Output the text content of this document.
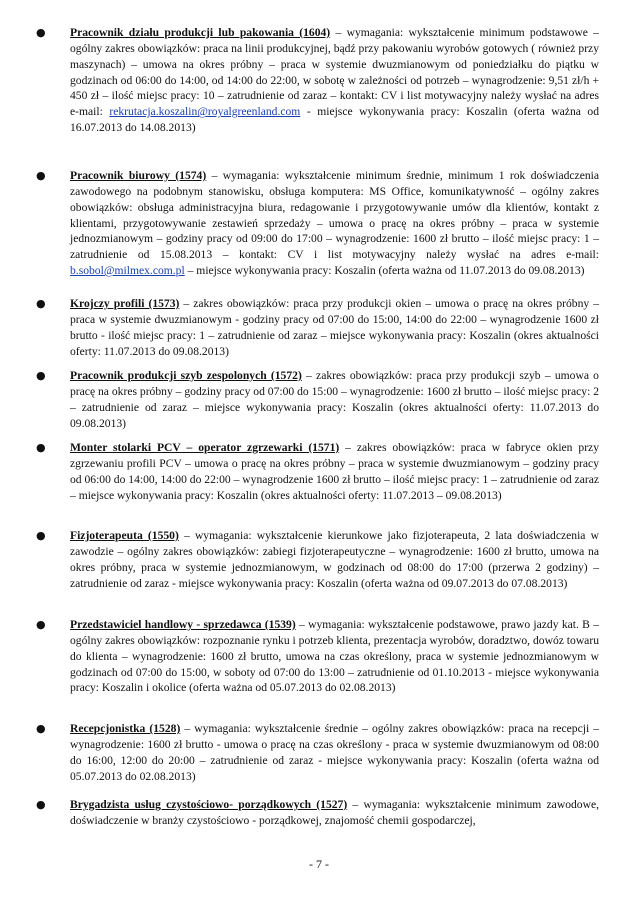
● Pracownik działu produkcji lub pakowania (1604) – wymagania: wykształcenie minimum podstawowe – ogólny zakres obowiązków: praca na linii produkcyjnej, bądź przy pakowaniu wyrobów gotowych ( również przy maszynach) – umowa na okres próbny – praca w systemie dwuzmianowym od poniedziałku do piątku w godzinach od 06:00 do 14:00, od 14:00 do 22:00, w sobotę w zależności od potrzeb – wynagrodzenie: 9,51 zł/h + 450 zł – ilość miejsc pracy: 10 – zatrudnienie od zaraz – kontakt: CV i list motywacyjny należy wysłać na adres e-mail: rekrutacja.koszalin@royalgreenland.com - miejsce wykonywania pracy: Koszalin (oferta ważna od 16.07.2013 do 14.08.2013)
● Pracownik biurowy (1574) – wymagania: wykształcenie minimum średnie, minimum 1 rok doświadczenia zawodowego na podobnym stanowisku, obsługa komputera: MS Office, komunikatywność – ogólny zakres obowiązków: obsługa administracyjna biura, redagowanie i przygotowywanie umów dla klientów, kontakt z klientami, przygotowywanie zestawień sprzedaży – umowa o pracę na okres próbny – praca w systemie jednozmianowym – godziny pracy od 09:00 do 17:00 – wynagrodzenie: 1600 zł brutto – ilość miejsc pracy: 1 – zatrudnienie od 15.08.2013 – kontakt: CV i list motywacyjny należy wysłać na adres e-mail: b.sobol@milmex.com.pl – miejsce wykonywania pracy: Koszalin (oferta ważna od 11.07.2013 do 09.08.2013)
● Krojczy profili (1573) – zakres obowiązków: praca przy produkcji okien – umowa o pracę na okres próbny – praca w systemie dwuzmianowym - godziny pracy od 07:00 do 15:00, 14:00 do 22:00 – wynagrodzenie 1600 zł brutto - ilość miejsc pracy: 1 – zatrudnienie od zaraz – miejsce wykonywania pracy: Koszalin (okres aktualności oferty: 11.07.2013 do 09.08.2013)
● Pracownik produkcji szyb zespolonych (1572) – zakres obowiązków: praca przy produkcji szyb – umowa o pracę na okres próbny – godziny pracy od 07:00 do 15:00 – wynagrodzenie: 1600 zł brutto – ilość miejsc pracy: 2 – zatrudnienie od zaraz – miejsce wykonywania pracy: Koszalin (okres aktualności oferty: 11.07.2013 do 09.08.2013)
● Monter stolarki PCV – operator zgrzewarki (1571) – zakres obowiązków: praca w fabryce okien przy zgrzewaniu profili PCV – umowa o pracę na okres próbny – praca w systemie dwuzmianowym – godziny pracy od 06:00 do 14:00, 14:00 do 22:00 – wynagrodzenie 1600 zł brutto – ilość miejsc pracy: 1 – zatrudnienie od zaraz – miejsce wykonywania pracy: Koszalin (okres aktualności oferty: 11.07.2013 – 09.08.2013)
● Fizjoterapeuta (1550) – wymagania: wykształcenie kierunkowe jako fizjoterapeuta, 2 lata doświadczenia w zawodzie – ogólny zakres obowiązków: zabiegi fizjoterapeutyczne – wynagrodzenie: 1600 zł brutto, umowa na okres próbny, praca w systemie jednozmianowym, w godzinach od 08:00 do 17:00 (przerwa 2 godziny) – zatrudnienie od zaraz - miejsce wykonywania pracy: Koszalin (oferta ważna od 09.07.2013 do 07.08.2013)
● Przedstawiciel handlowy - sprzedawca (1539) – wymagania: wykształcenie podstawowe, prawo jazdy kat. B – ogólny zakres obowiązków: rozpoznanie rynku i potrzeb klienta, prezentacja wyrobów, doradztwo, dowóz towaru do klienta – wynagrodzenie: 1600 zł brutto, umowa na czas określony, praca w systemie jednozmianowym w godzinach od 07:00 do 15:00, w soboty od 07:00 do 13:00 – zatrudnienie od 01.10.2013 - miejsce wykonywania pracy: Koszalin i okolice (oferta ważna od 05.07.2013 do 02.08.2013)
● Recepcjonistka (1528) – wymagania: wykształcenie średnie – ogólny zakres obowiązków: praca na recepcji – wynagrodzenie: 1600 zł brutto - umowa o pracę na czas określony - praca w systemie dwuzmianowym od 08:00 do 16:00, 12:00 do 20:00 – zatrudnienie od zaraz - miejsce wykonywania pracy: Koszalin (oferta ważna od 05.07.2013 do 02.08.2013)
● Brygadzista usług czystościowo- porządkowych (1527) – wymagania: wykształcenie minimum zawodowe, doświadczenie w branży czystościowo - porządkowej, znajomość chemii gospodarczej,
- 7 -
